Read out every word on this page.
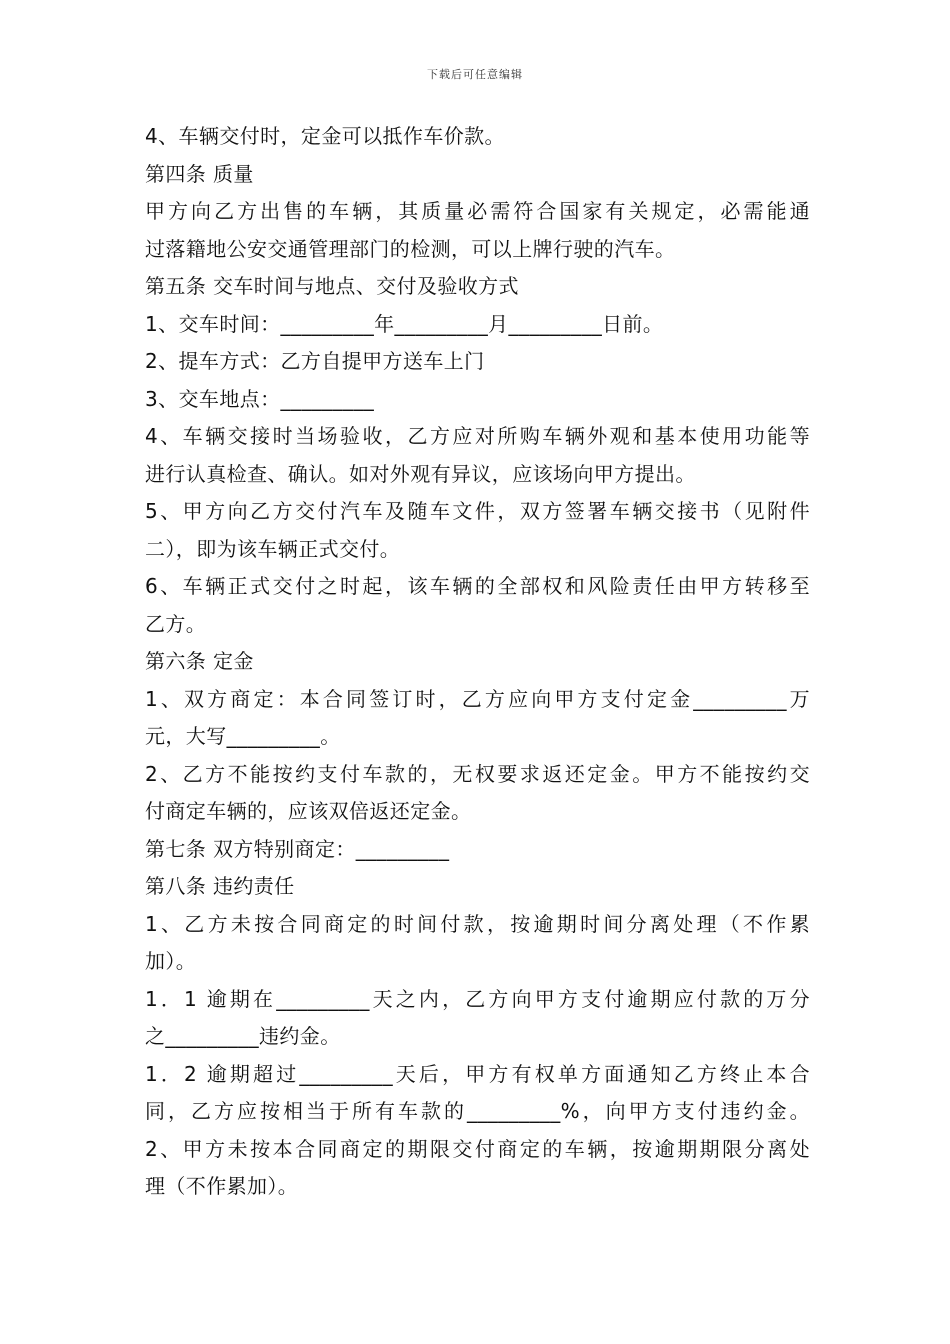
下载后可任意编辑
4、车辆交付时，定金可以抵作车价款。
第四条 质量
甲方向乙方出售的车辆，其质量必需符合国家有关规定，必需能通
过落籍地公安交通管理部门的检测，可以上牌行驶的汽车。
第五条 交车时间与地点、交付及验收方式
1、交车时间：_________年_________月_________日前。
2、提车方式：乙方自提甲方送车上门
3、交车地点：_________
4、车辆交接时当场验收，乙方应对所购车辆外观和基本使用功能等
进行认真检查、确认。如对外观有异议，应该场向甲方提出。
5、甲方向乙方交付汽车及随车文件，双方签署车辆交接书（见附件
二），即为该车辆正式交付。
6、车辆正式交付之时起，该车辆的全部权和风险责任由甲方转移至
乙方。
第六条 定金
1、双方商定：本合同签订时，乙方应向甲方支付定金_________万
元，大写_________。
2、乙方不能按约支付车款的，无权要求返还定金。甲方不能按约交
付商定车辆的，应该双倍返还定金。
第七条 双方特别商定：_________
第八条 违约责任
1、乙方未按合同商定的时间付款，按逾期时间分离处理（不作累
加）。
1．1 逾期在_________天之内，乙方向甲方支付逾期应付款的万分
之_________违约金。
1．2 逾期超过_________天后，甲方有权单方面通知乙方终止本合
同，乙方应按相当于所有车款的_________%，向甲方支付违约金。
2、甲方未按本合同商定的期限交付商定的车辆，按逾期期限分离处
理（不作累加）。
